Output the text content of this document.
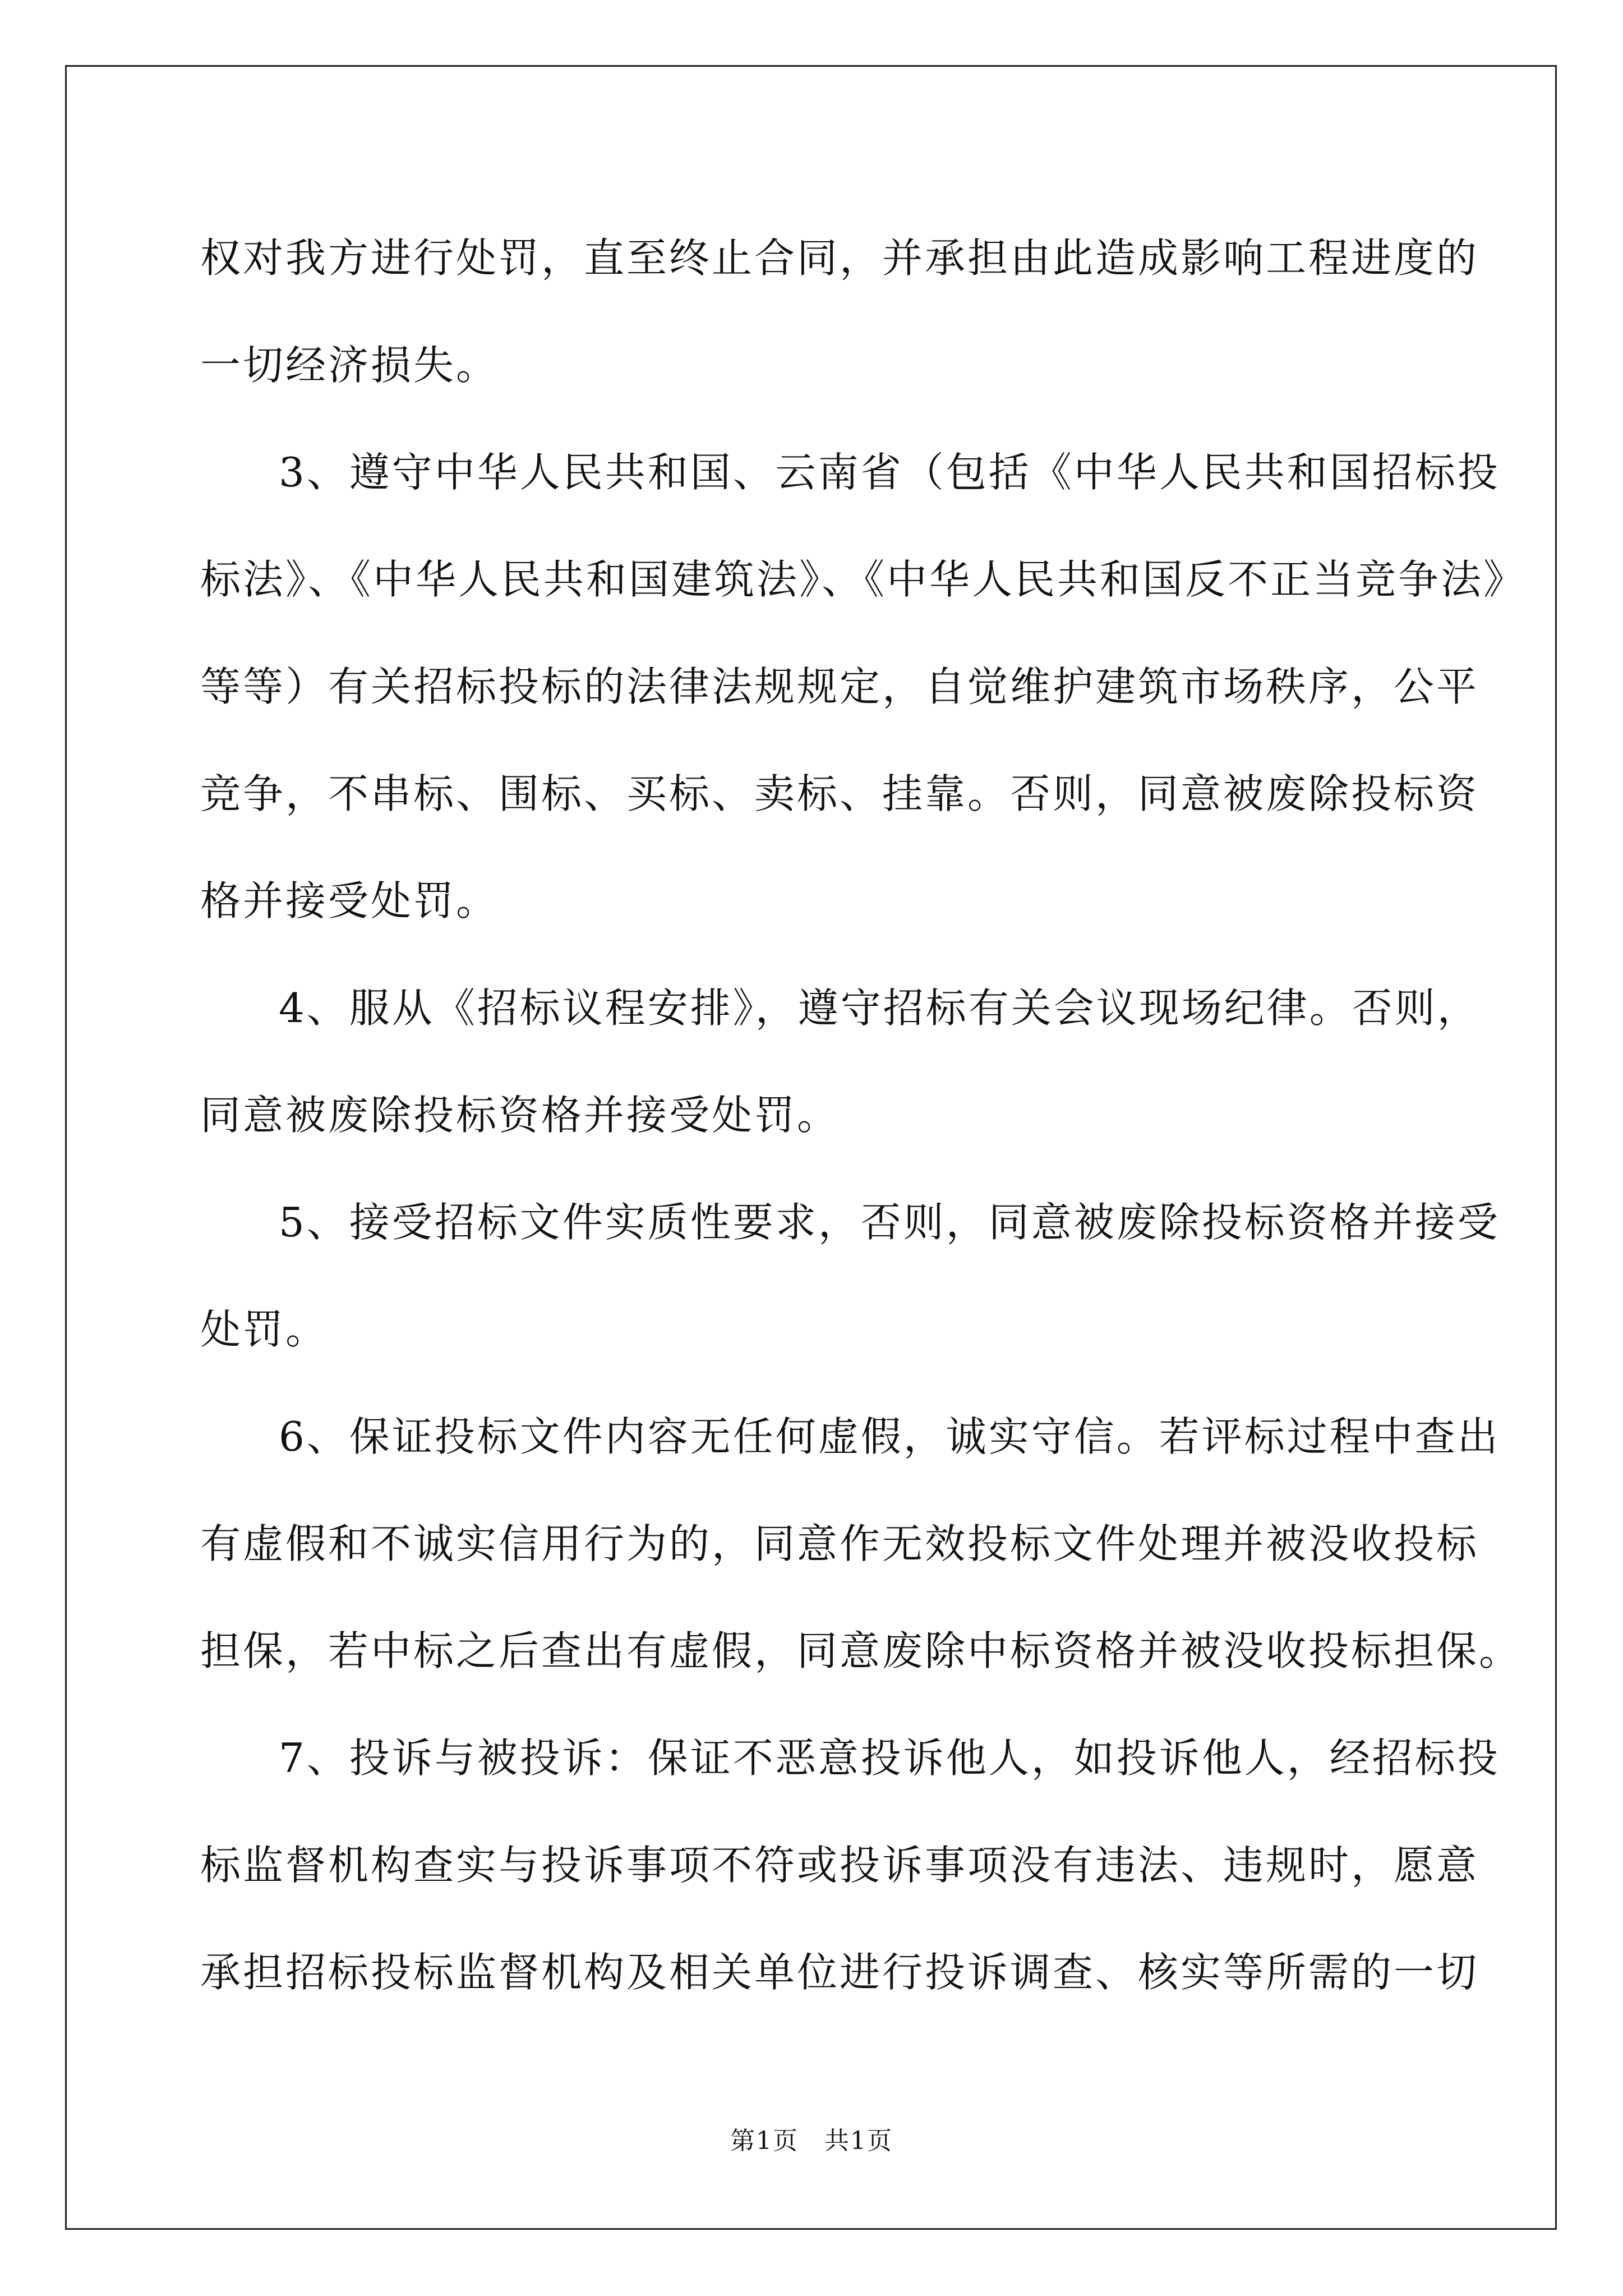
权对我方进行处罚，直至终止合同，并承担由此造成影响工程进度的
一切经济损失。
3、遵守中华人民共和国、云南省（包括《中华人民共和国招标投
标法》、《中华人民共和国建筑法》、《中华人民共和国反不正当竞争法》
等等）有关招标投标的法律法规规定，自觉维护建筑市场秩序，公平
竞争，不串标、围标、买标、卖标、挂靠。否则，同意被废除投标资
格并接受处罚。
4、服从《招标议程安排》，遵守招标有关会议现场纪律。否则，
同意被废除投标资格并接受处罚。
5、接受招标文件实质性要求，否则，同意被废除投标资格并接受
处罚。
6、保证投标文件内容无任何虚假，诚实守信。若评标过程中查出
有虚假和不诚实信用行为的，同意作无效投标文件处理并被没收投标
担保，若中标之后查出有虚假，同意废除中标资格并被没收投标担保。
7、投诉与被投诉：保证不恶意投诉他人，如投诉他人，经招标投
标监督机构查实与投诉事项不符或投诉事项没有违法、违规时，愿意
承担招标投标监督机构及相关单位进行投诉调查、核实等所需的一切
第1页　共1页
